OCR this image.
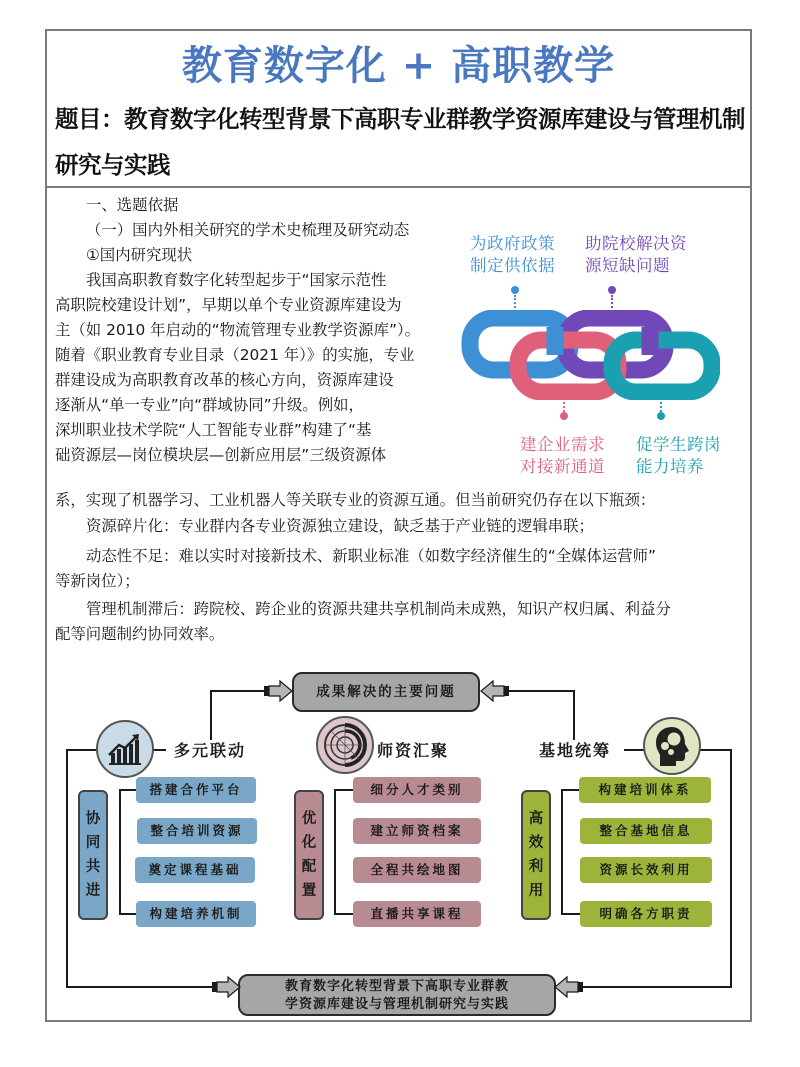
教育数字化 + 高职教学
题目：教育数字化转型背景下高职专业群教学资源库建设与管理机制研究与实践
一、选题依据
（一）国内外相关研究的学术史梳理及研究动态
①国内研究现状
我国高职教育数字化转型起步于“国家示范性
高职院校建设计划”，早期以单个专业资源库建设为
主（如 2010 年启动的“物流管理专业教学资源库”）。
随着《职业教育专业目录（2021 年）》的实施，专业
群建设成为高职教育改革的核心方向，资源库建设
逐渐从“单一专业”向“群域协同”升级。例如，
深圳职业技术学院“人工智能专业群”构建了“基
础资源层—岗位模块层—创新应用层”三级资源体
系，实现了机器学习、工业机器人等关联专业的资源互通。但当前研究仍存在以下瓶颈：
资源碎片化：专业群内各专业资源独立建设，缺乏基于产业链的逻辑串联；
动态性不足：难以实时对接新技术、新职业标准（如数字经济催生的“全媒体运营师”
等新岗位）；
管理机制滞后：跨院校、跨企业的资源共建共享机制尚未成熟，知识产权归属、利益分
配等问题制约协同效率。
为政府政策
制定供依据
助院校解决资
源短缺问题
建企业需求
对接新通道
促学生跨岗
能力培养
成果解决的主要问题
教育数字化转型背景下高职专业群教
学资源库建设与管理机制研究与实践
多元联动
协
同
共
进
搭建合作平台
整合培训资源
奠定课程基础
构建培养机制
师资汇聚
优
化
配
置
细分人才类别
建立师资档案
全程共绘地图
直播共享课程
基地统筹
高
效
利
用
构建培训体系
整合基地信息
资源长效利用
明确各方职责
